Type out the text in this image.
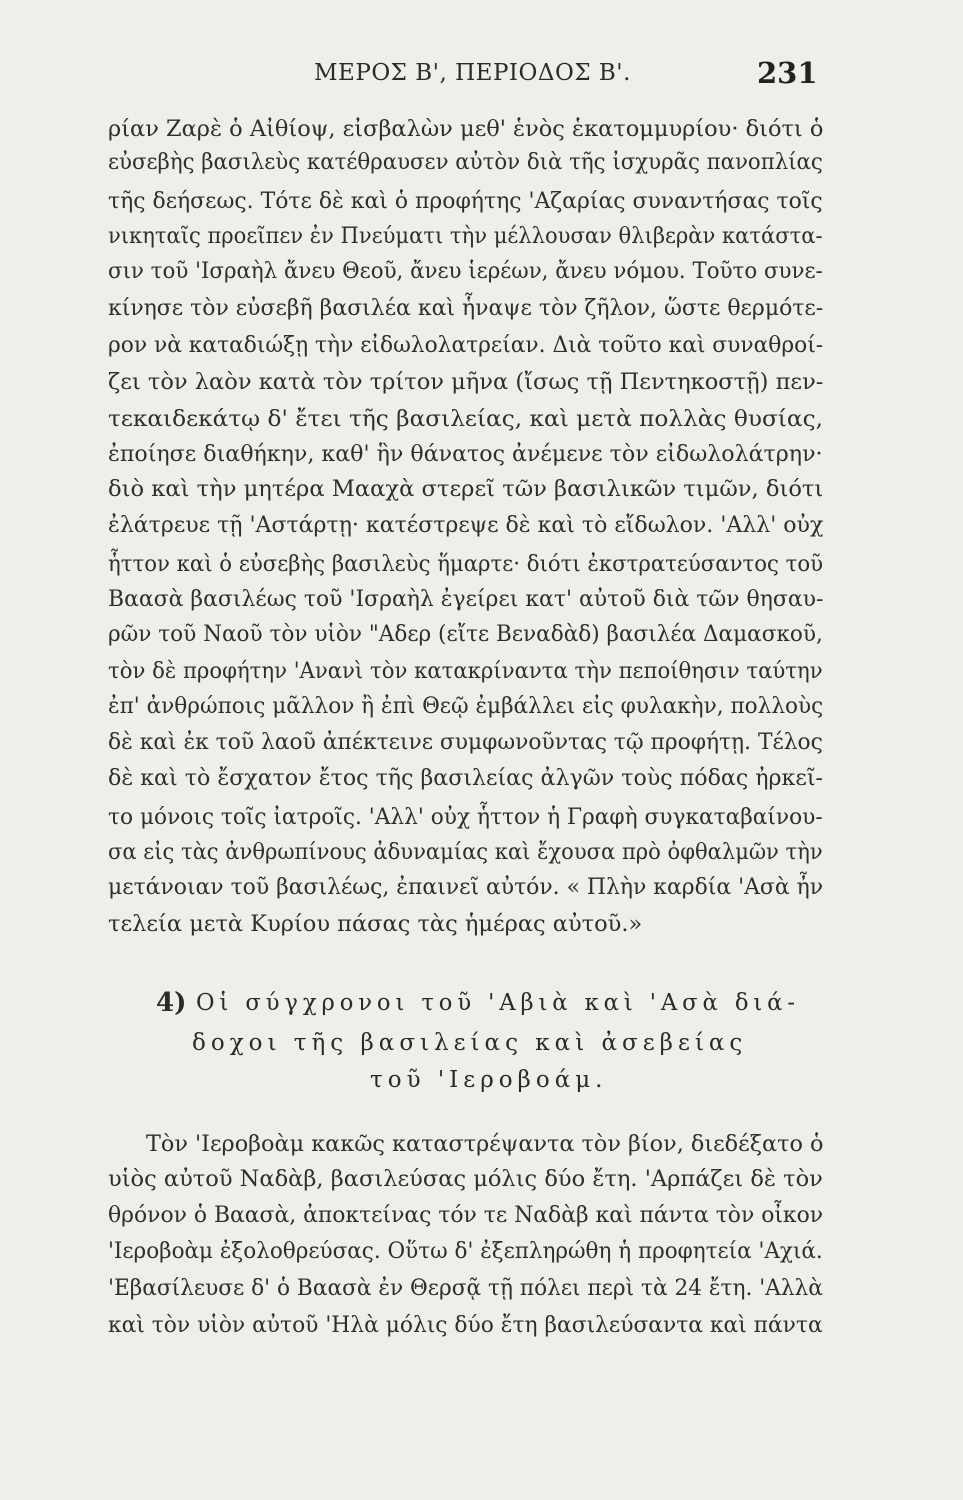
ΜΕΡΟΣ Β', ΠΕΡΙΟΔΟΣ Β'.	231
ρίαν Ζαρὲ ὁ Αἰθίοψ, εἰσβαλὼν μεθ' ἑνὸς ἑκατομμυρίου· διότι ὁ
εὐσεβὴς βασιλεὺς κατέθραυσεν αὐτὸν διὰ τῆς ἰσχυρᾶς πανοπλίας
τῆς δεήσεως. Τότε δὲ καὶ ὁ προφήτης 'Αζαρίας συναντήσας τοῖς
νικηταῖς προεῖπεν ἐν Πνεύματι τὴν μέλλουσαν θλιβερὰν κατάστα-
σιν τοῦ 'Ισραὴλ ἄνευ Θεοῦ, ἄνευ ἱερέων, ἄνευ νόμου. Τοῦτο συνε-
κίνησε τὸν εὐσεβῆ βασιλέα καὶ ἧναψε τὸν ζῆλον, ὥστε θερμότε-
ρον νὰ καταδιώξῃ τὴν εἰδωλολατρείαν. Διὰ τοῦτο καὶ συναθροί-
ζει τὸν λαὸν κατὰ τὸν τρίτον μῆνα (ἴσως τῇ Πεντηκοστῇ) πεν-
τεκαιδεκάτῳ δ' ἔτει τῆς βασιλείας, καὶ μετὰ πολλὰς θυσίας,
ἐποίησε διαθήκην, καθ' ἣν θάνατος ἀνέμενε τὸν εἰδωλολάτρην·
διὸ καὶ τὴν μητέρα Μααχὰ στερεῖ τῶν βασιλικῶν τιμῶν, διότι
ἐλάτρευε τῇ 'Αστάρτῃ· κατέστρεψε δὲ καὶ τὸ εἴδωλον. 'Αλλ' οὐχ
ἧττον καὶ ὁ εὐσεβὴς βασιλεὺς ἥμαρτε· διότι ἐκστρατεύσαντος τοῦ
Βαασὰ βασιλέως τοῦ 'Ισραὴλ ἐγείρει κατ' αὐτοῦ διὰ τῶν θησαυ-
ρῶν τοῦ Ναοῦ τὸν υἱὸν "Αδερ (εἴτε Βεναδὰδ) βασιλέα Δαμασκοῦ,
τὸν δὲ προφήτην 'Ανανὶ τὸν κατακρίναντα τὴν πεποίθησιν ταύτην
ἐπ' ἀνθρώποις μᾶλλον ἢ ἐπὶ Θεῷ ἐμβάλλει εἰς φυλακὴν, πολλοὺς
δὲ καὶ ἐκ τοῦ λαοῦ ἀπέκτεινε συμφωνοῦντας τῷ προφήτῃ. Τέλος
δὲ καὶ τὸ ἔσχατον ἔτος τῆς βασιλείας ἀλγῶν τοὺς πόδας ἠρκεῖ-
το μόνοις τοῖς ἰατροῖς. 'Αλλ' οὐχ ἧττον ἡ Γραφὴ συγκαταβαίνου-
σα εἰς τὰς ἀνθρωπίνους ἀδυναμίας καὶ ἔχουσα πρὸ ὀφθαλμῶν τὴν
μετάνοιαν τοῦ βασιλέως, ἐπαινεῖ αὐτόν. « Πλὴν καρδία 'Ασὰ ἦν
τελεία μετὰ Κυρίου πάσας τὰς ἡμέρας αὐτοῦ.»
4) Οἱ σύγχρονοι τοῦ 'Αβιὰ καὶ 'Ασὰ διά-
δοχοι τῆς βασιλείας καὶ ἀσεβείας
τοῦ 'Ιεροβοάμ.
Τὸν 'Ιεροβοὰμ κακῶς καταστρέψαντα τὸν βίον, διεδέξατο ὁ
υἱὸς αὐτοῦ Ναδὰβ, βασιλεύσας μόλις δύο ἔτη. 'Αρπάζει δὲ τὸν
θρόνον ὁ Βαασὰ, ἀποκτείνας τόν τε Ναδὰβ καὶ πάντα τὸν οἶκον
'Ιεροβοὰμ ἐξολοθρεύσας. Οὕτω δ' ἐξεπληρώθη ἡ προφητεία 'Αχιά.
'Εβασίλευσε δ' ὁ Βαασὰ ἐν Θερσᾷ τῇ πόλει περὶ τὰ 24 ἔτη. 'Αλλὰ
καὶ τὸν υἱὸν αὐτοῦ 'Ηλὰ μόλις δύο ἔτη βασιλεύσαντα καὶ πάντα
